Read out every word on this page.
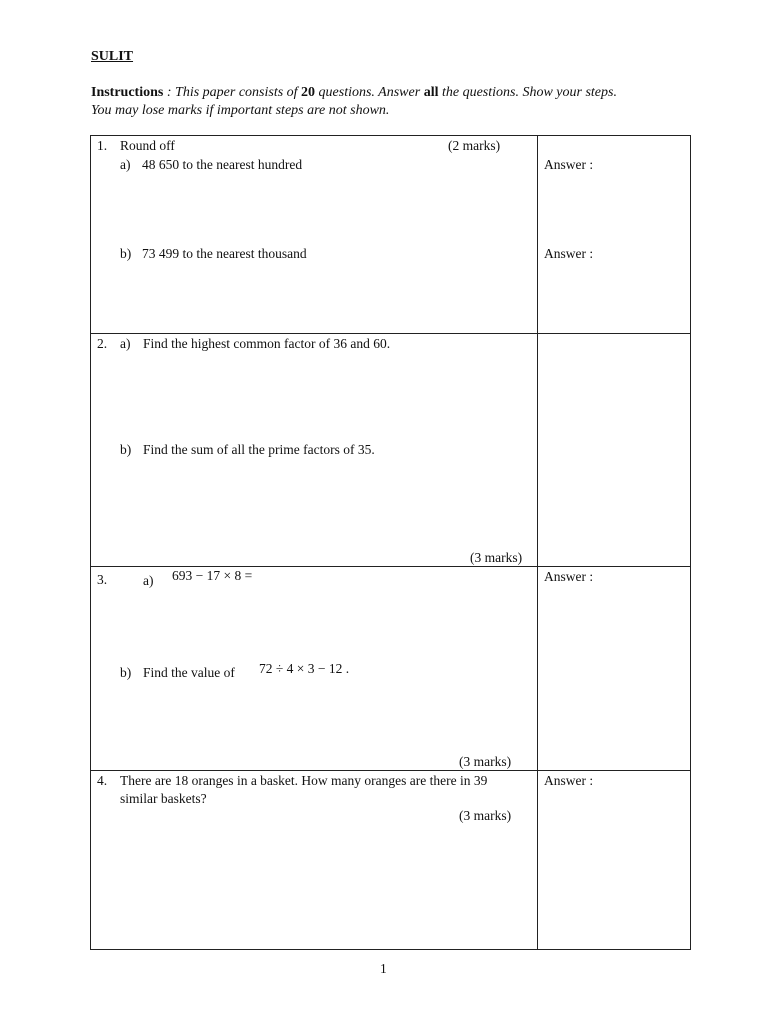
SULIT
Instructions : This paper consists of 20 questions. Answer all the questions. Show your steps.
You may lose marks if important steps are not shown.
1. Round off	(2 marks)
a) 48 650 to the nearest hundred	Answer :
b) 73 499 to the nearest thousand	Answer :
2. a) Find the highest common factor of 36 and 60.
b) Find the sum of all the prime factors of 35.
(3 marks)
3.	a) 693 − 17 × 8 =	Answer :
b) Find the value of 72 ÷ 4 × 3 − 12 .
(3 marks)
4. There are 18 oranges in a basket. How many oranges are there in 39
similar baskets?
(3 marks)
Answer :
1
